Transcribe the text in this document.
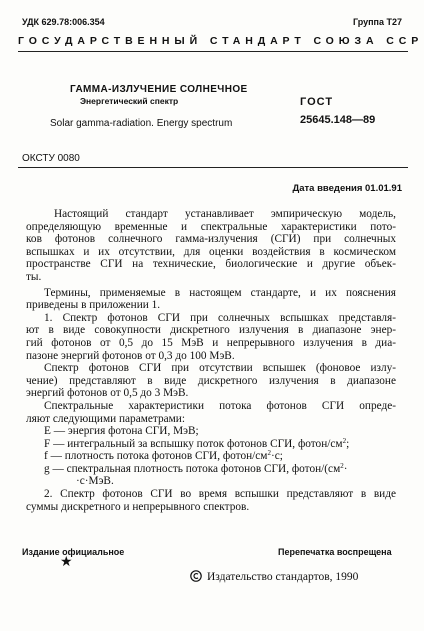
УДК 629.78:006.354	Группа Т27
ГОСУДАРСТВЕННЫЙ СТАНДАРТ СОЮЗА ССР
ГАММА-ИЗЛУЧЕНИЕ СОЛНЕЧНОЕ
Энергетический спектр
Solar gamma-radiation. Energy spectrum
ГОСТ
25645.148—89
ОКСТУ 0080
Дата введения 01.01.91
Настоящий стандарт устанавливает эмпирическую модель,
определяющую временные и спектральные характеристики пото-
ков фотонов солнечного гамма-излучения (СГИ) при солнечных
вспышках и их отсутствии, для оценки воздействия в космическом
пространстве СГИ на технические, биологические и другие объек-
ты.
Термины, применяемые в настоящем стандарте, и их пояснения
приведены в приложении 1.
1. Спектр фотонов СГИ при солнечных вспышках представля-
ют в виде совокупности дискретного излучения в диапазоне энер-
гий фотонов от 0,5 до 15 МэВ и непрерывного излучения в диа-
пазоне энергий фотонов от 0,3 до 100 МэВ.
Спектр фотонов СГИ при отсутствии вспышек (фоновое излу-
чение) представляют в виде дискретного излучения в диапазоне
энергий фотонов от 0,5 до 3 МэВ.
Спектральные характеристики потока фотонов СГИ опреде-
ляют следующими параметрами:
E — энергия фотона СГИ, МэВ;
F — интегральный за вспышку поток фотонов СГИ, фотон/$см^2$;
f — плотность потока фотонов СГИ, фотон/$см^2\cdot с$;
g — спектральная плотность потока фотонов СГИ, фотон/($см^2\cdot$
·с·МэВ.
2. Спектр фотонов СГИ во время вспышки представляют в виде
суммы дискретного и непрерывного спектров.
Издание официальное
★
Перепечатка воспрещена
Издательство стандартов, 1990
